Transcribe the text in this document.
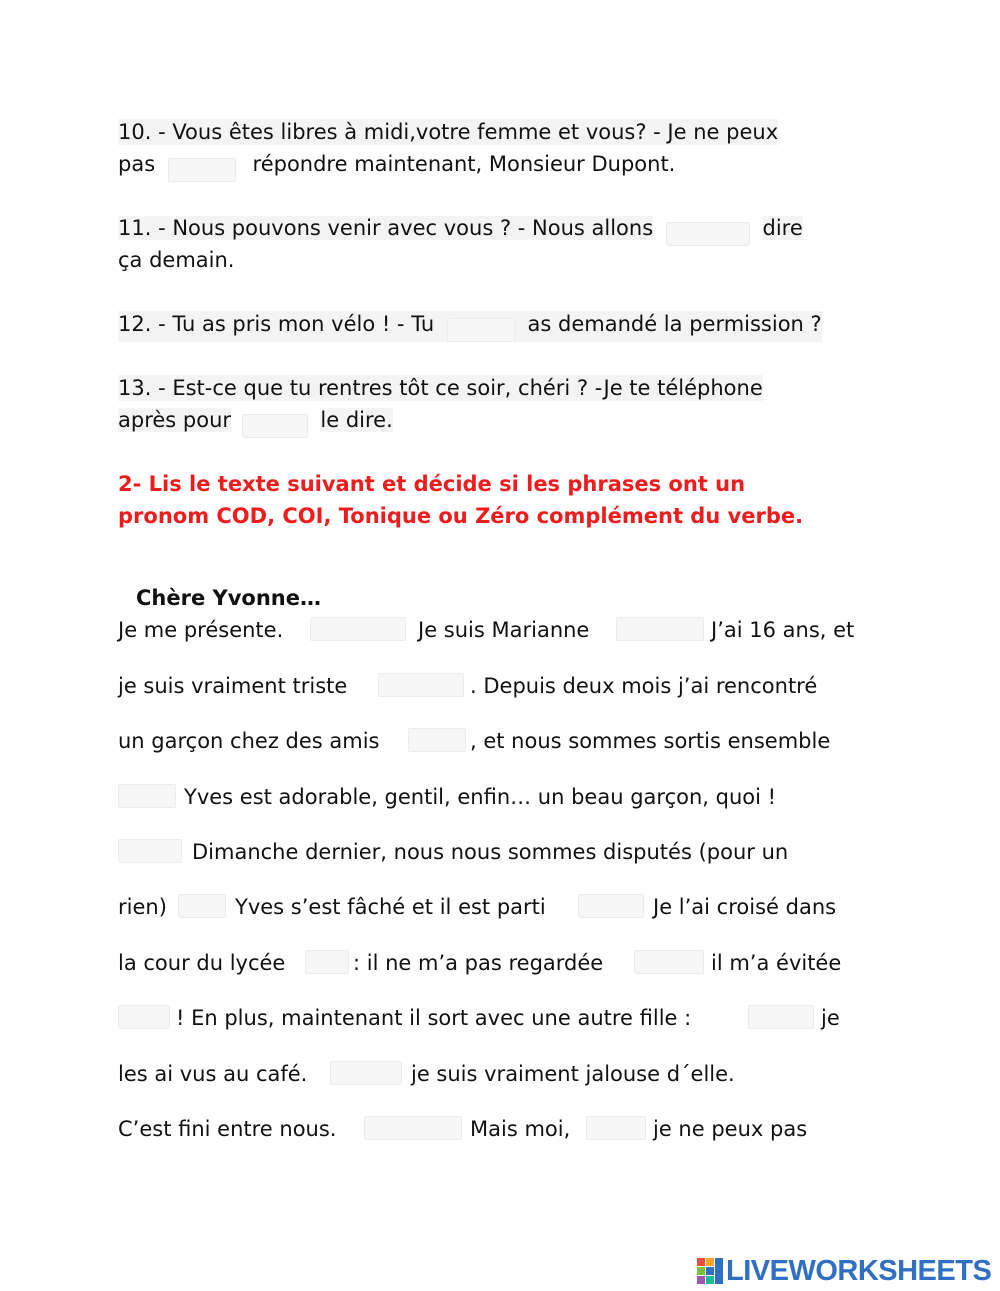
10. - Vous êtes libres à midi,votre femme et vous? - Je ne peux
pas	répondre maintenant, Monsieur Dupont.
11. - Nous pouvons venir avec vous ? - Nous allons	dire
ça demain.
12. - Tu as pris mon vélo ! - Tu	as demandé la permission ?
13. - Est-ce que tu rentres tôt ce soir, chéri ? -Je te téléphone
après pour	le dire.
2- Lis le texte suivant et décide si les phrases ont un
pronom COD, COI, Tonique ou Zéro complément du verbe.
Chère Yvonne…
Je me présente.	Je suis Marianne	J’ai 16 ans, et
je suis vraiment triste	. Depuis deux mois j’ai rencontré
un garçon chez des amis	, et nous sommes sortis ensemble
Yves est adorable, gentil, enfin… un beau garçon, quoi !
Dimanche dernier, nous nous sommes disputés (pour un
rien)	Yves s’est fâché et il est parti	Je l’ai croisé dans
la cour du lycée	: il ne m’a pas regardée	il m’a évitée
! En plus, maintenant il sort avec une autre fille :	je
les ai vus au café.	je suis vraiment jalouse d´elle.
C’est fini entre nous.	Mais moi,	je ne peux pas
LIVEWORKSHEETS
